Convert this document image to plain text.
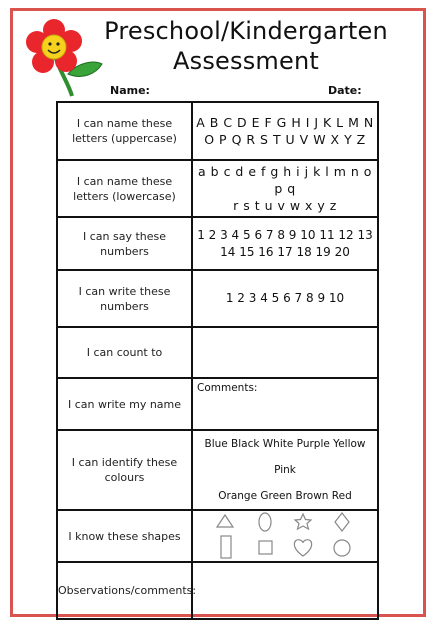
Preschool/Kindergarten
Assessment
Name:	Date:
I can name these letters (uppercase)	A B C D E F G H I J K L M N
O P Q R S T U V W X Y Z

I can name these letters (lowercase)	a b c d e f g h i j k l m n o p q
r s t u v w x y z

I can say these numbers	1 2 3 4 5 6 7 8 9 10 11 12 13
14 15 16 17 18 19 20

I can write these numbers	1 2 3 4 5 6 7 8 9 10

I can count to	
I can write my name	Comments:

I can identify these colours	Blue Black White Purple Yellow Pink
Orange Green Brown Red

I know these shapes	

Observations/comments:	
